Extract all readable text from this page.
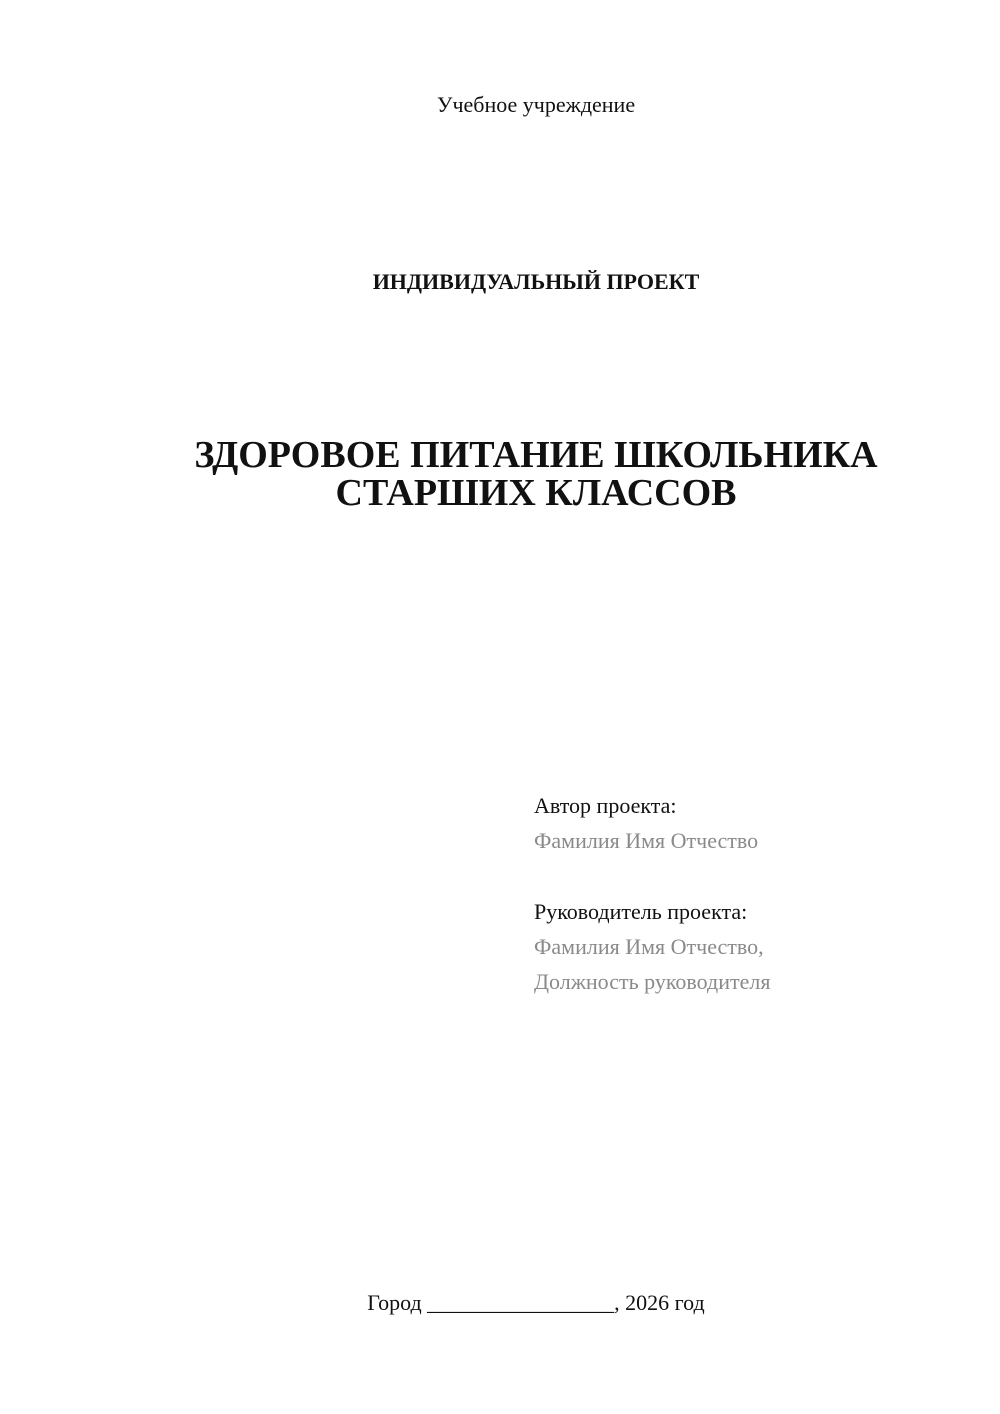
Учебное учреждение
ИНДИВИДУАЛЬНЫЙ ПРОЕКТ
ЗДОРОВОЕ ПИТАНИЕ ШКОЛЬНИКА
СТАРШИХ КЛАССОВ
Автор проекта:
Фамилия Имя Отчество
Руководитель проекта:
Фамилия Имя Отчество,
Должность руководителя
Город _________________, 2026 год
